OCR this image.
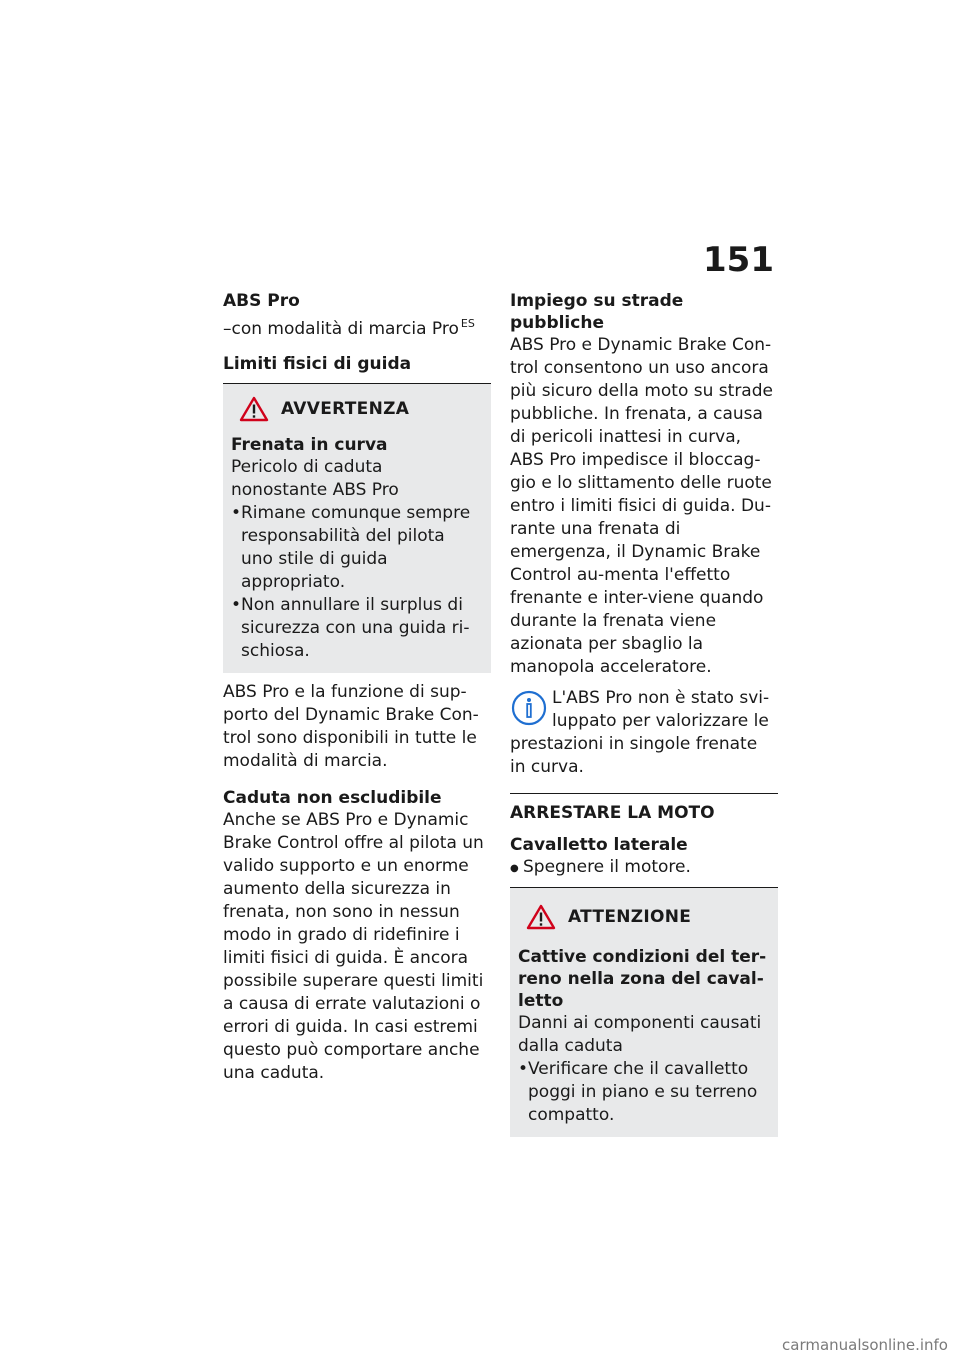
151

ABS Pro

–con modalità di marcia Pro $^{ES}$

Limiti fisici di guida

AVVERTENZA

Frenata in curva

Pericolo di caduta nonostante ABS Pro

• Rimane comunque sempre responsabilità del pilota uno stile di guida appropriato.
• Non annullare il surplus di sicurezza con una guida ri-schiosa.

ABS Pro e la funzione di sup-porto del Dynamic Brake Con-trol sono disponibili in tutte le modalità di marcia.

Caduta non escludibile

Anche se ABS Pro e Dynamic Brake Control offre al pilota un valido supporto e un enorme aumento della sicurezza in frenata, non sono in nessun modo in grado di ridefinire i limiti fisici di guida. È ancora possibile superare questi limiti a causa di errate valutazioni o errori di guida. In casi estremi questo può comportare anche una caduta.

Impiego su strade pubbliche

ABS Pro e Dynamic Brake Con-trol consentono un uso ancora più sicuro della moto su strade pubbliche. In frenata, a causa di pericoli inattesi in curva, ABS Pro impedisce il bloccag-gio e lo slittamento delle ruote entro i limiti fisici di guida. Du-rante una frenata di emergenza, il Dynamic Brake Control au-menta l'effetto frenante e inter-viene quando durante la frenata viene azionata per sbaglio la manopola acceleratore.

L'ABS Pro non è stato svi-luppato per valorizzare le prestazioni in singole frenate in curva.

ARRESTARE LA MOTO

Cavalletto laterale

● Spegnere il motore.
ATTENZIONE

Cattive condizioni del ter-reno nella zona del caval-letto

Danni ai componenti causati dalla caduta

• Verificare che il cavalletto poggi in piano e su terreno compatto.
carmanualsonline.info
